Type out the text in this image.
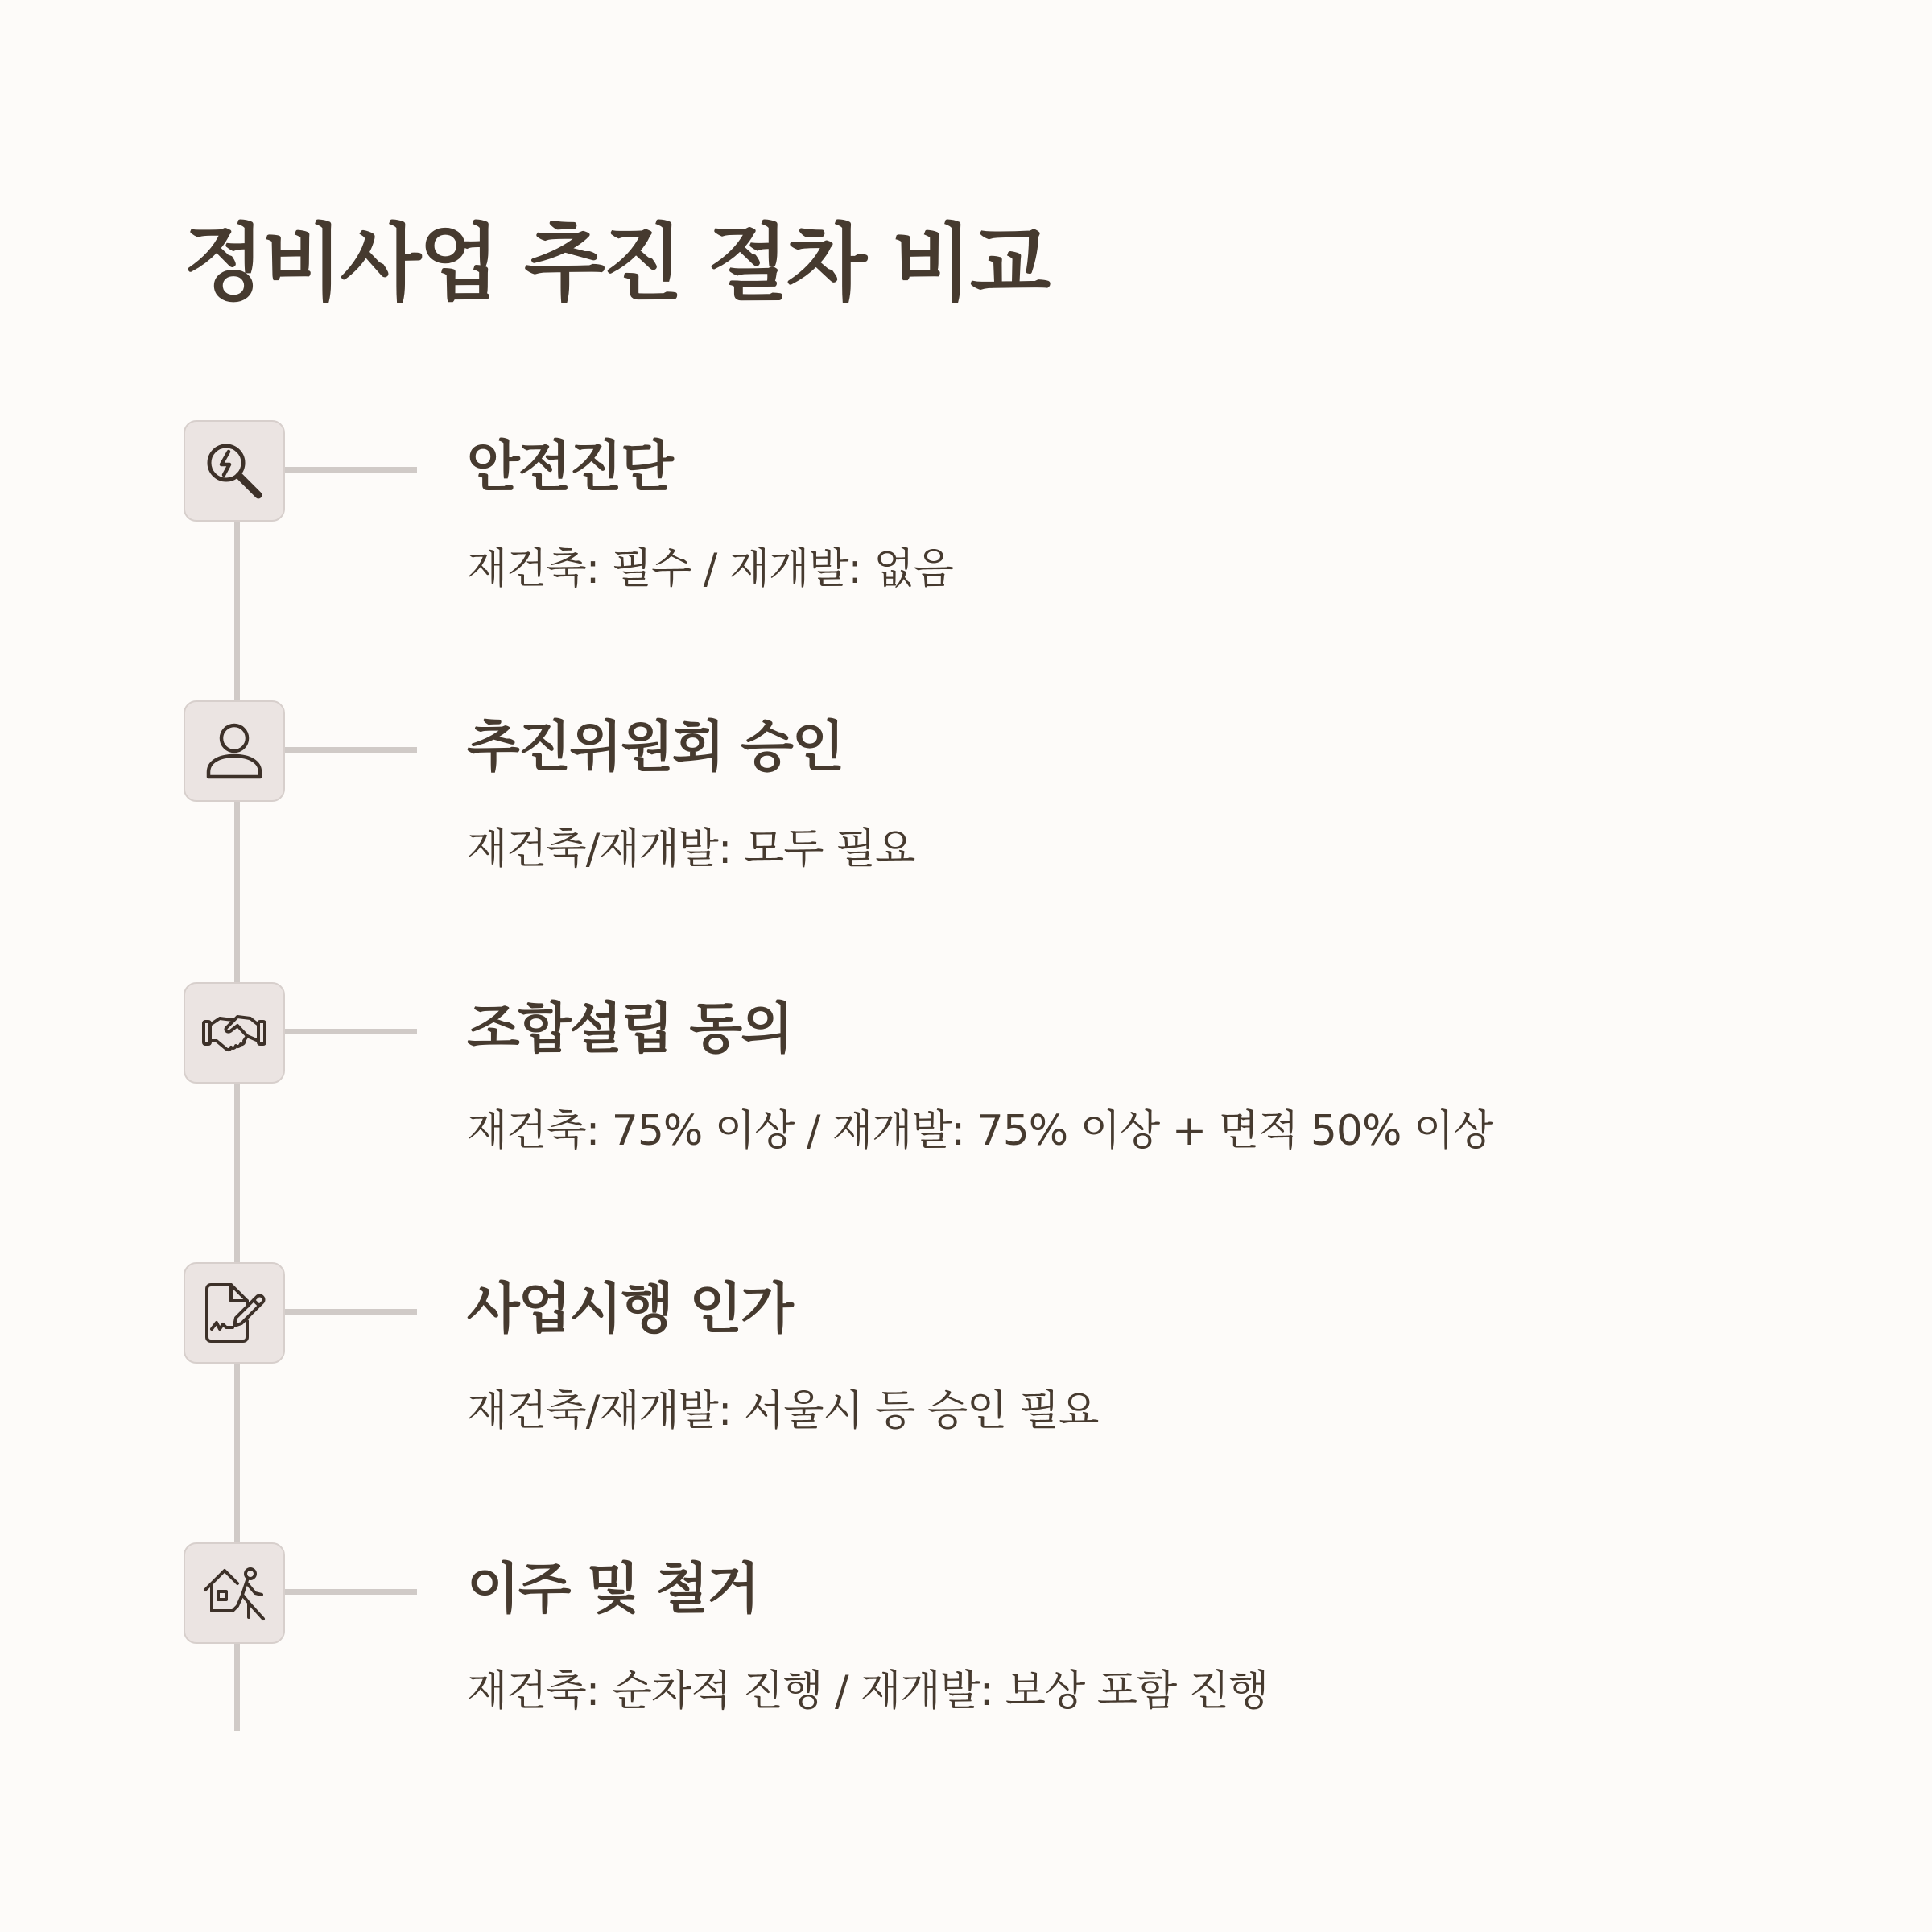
정비사업 추진 절차 비교
안전진단

재건축: 필수 / 재개발: 없음

추진위원회 승인

재건축/재개발: 모두 필요

조합설립 동의

재건축: 75% 이상 / 재개발: 75% 이상 + 면적 50% 이상

사업시행 인가

재건축/재개발: 서울시 등 승인 필요

이주 및 철거

재건축: 순차적 진행 / 재개발: 보상 포함 진행
